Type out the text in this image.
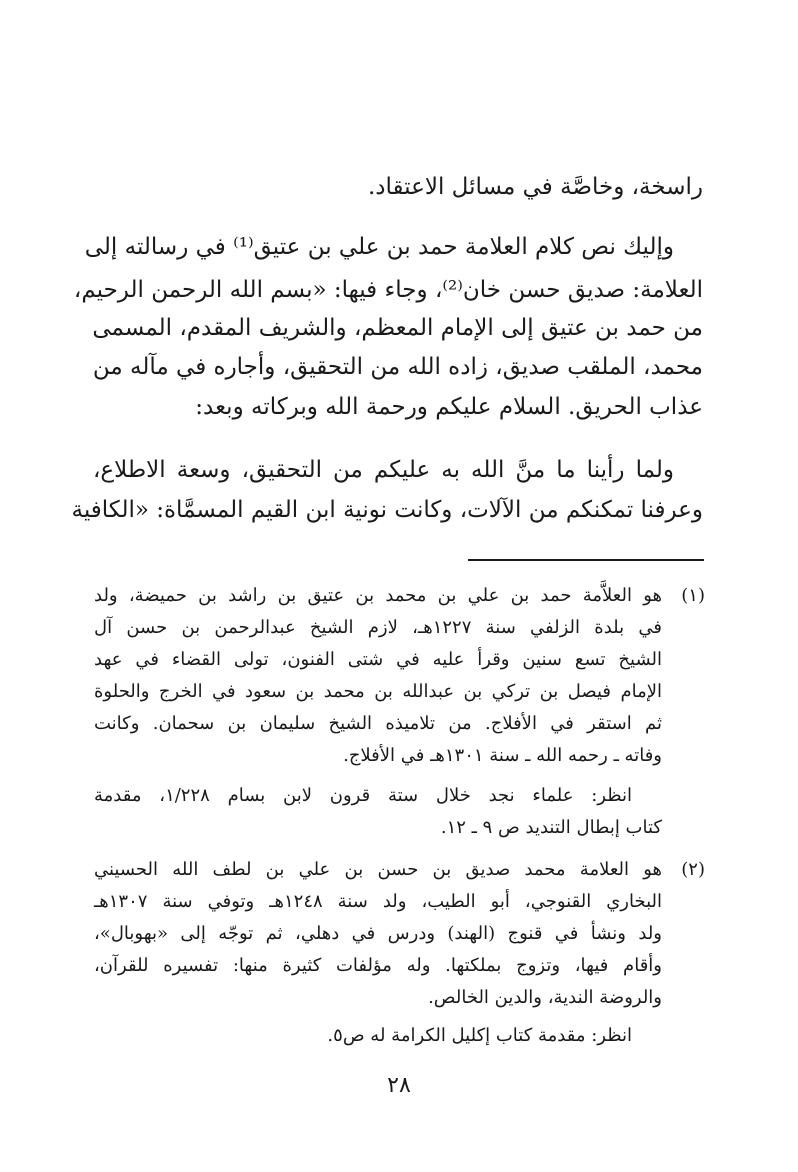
راسخة، وخاصَّة في مسائل الاعتقاد.
وإليك نص كلام العلامة حمد بن علي بن عتيق⁽¹⁾ في رسالته إلى
العلامة: صديق حسن خان⁽²⁾، وجاء فيها: «بسم الله الرحمن الرحيم،
من حمد بن عتيق إلى الإمام المعظم، والشريف المقدم، المسمى
محمد، الملقب صديق، زاده الله من التحقيق، وأجاره في مآله من
عذاب الحريق. السلام عليكم ورحمة الله وبركاته وبعد:
ولما رأينا ما منَّ الله به عليكم من التحقيق، وسعة الاطلاع،
وعرفنا تمكنكم من الآلات، وكانت نونية ابن القيم المسمَّاة: «الكافية
(١)
هو العلاَّمة حمد بن علي بن محمد بن عتيق بن راشد بن حميضة، ولد
في بلدة الزلفي سنة ١٢٢٧هـ، لازم الشيخ عبدالرحمن بن حسن آل
الشيخ تسع سنين وقرأ عليه في شتى الفنون، تولى القضاء في عهد
الإمام فيصل بن تركي بن عبدالله بن محمد بن سعود في الخرج والحلوة
ثم استقر في الأفلاج. من تلاميذه الشيخ سليمان بن سحمان. وكانت
وفاته ـ رحمه الله ـ سنة ١٣٠١هـ في الأفلاج.
انظر: علماء نجد خلال ستة قرون لابن بسام ١/٢٢٨، مقدمة
كتاب إبطال التنديد ص ٩ ـ ١٢.
(٢)
هو العلامة محمد صديق بن حسن بن علي بن لطف الله الحسيني
البخاري القنوجي، أبو الطيب، ولد سنة ١٢٤٨هـ وتوفي سنة ١٣٠٧هـ
ولد ونشأ في قنوج (الهند) ودرس في دهلي، ثم توجّه إلى «بهوبال»،
وأقام فيها، وتزوج بملكتها. وله مؤلفات كثيرة منها: تفسيره للقرآن،
والروضة الندية، والدين الخالص.
انظر: مقدمة كتاب إكليل الكرامة له ص٥.
٢٨
